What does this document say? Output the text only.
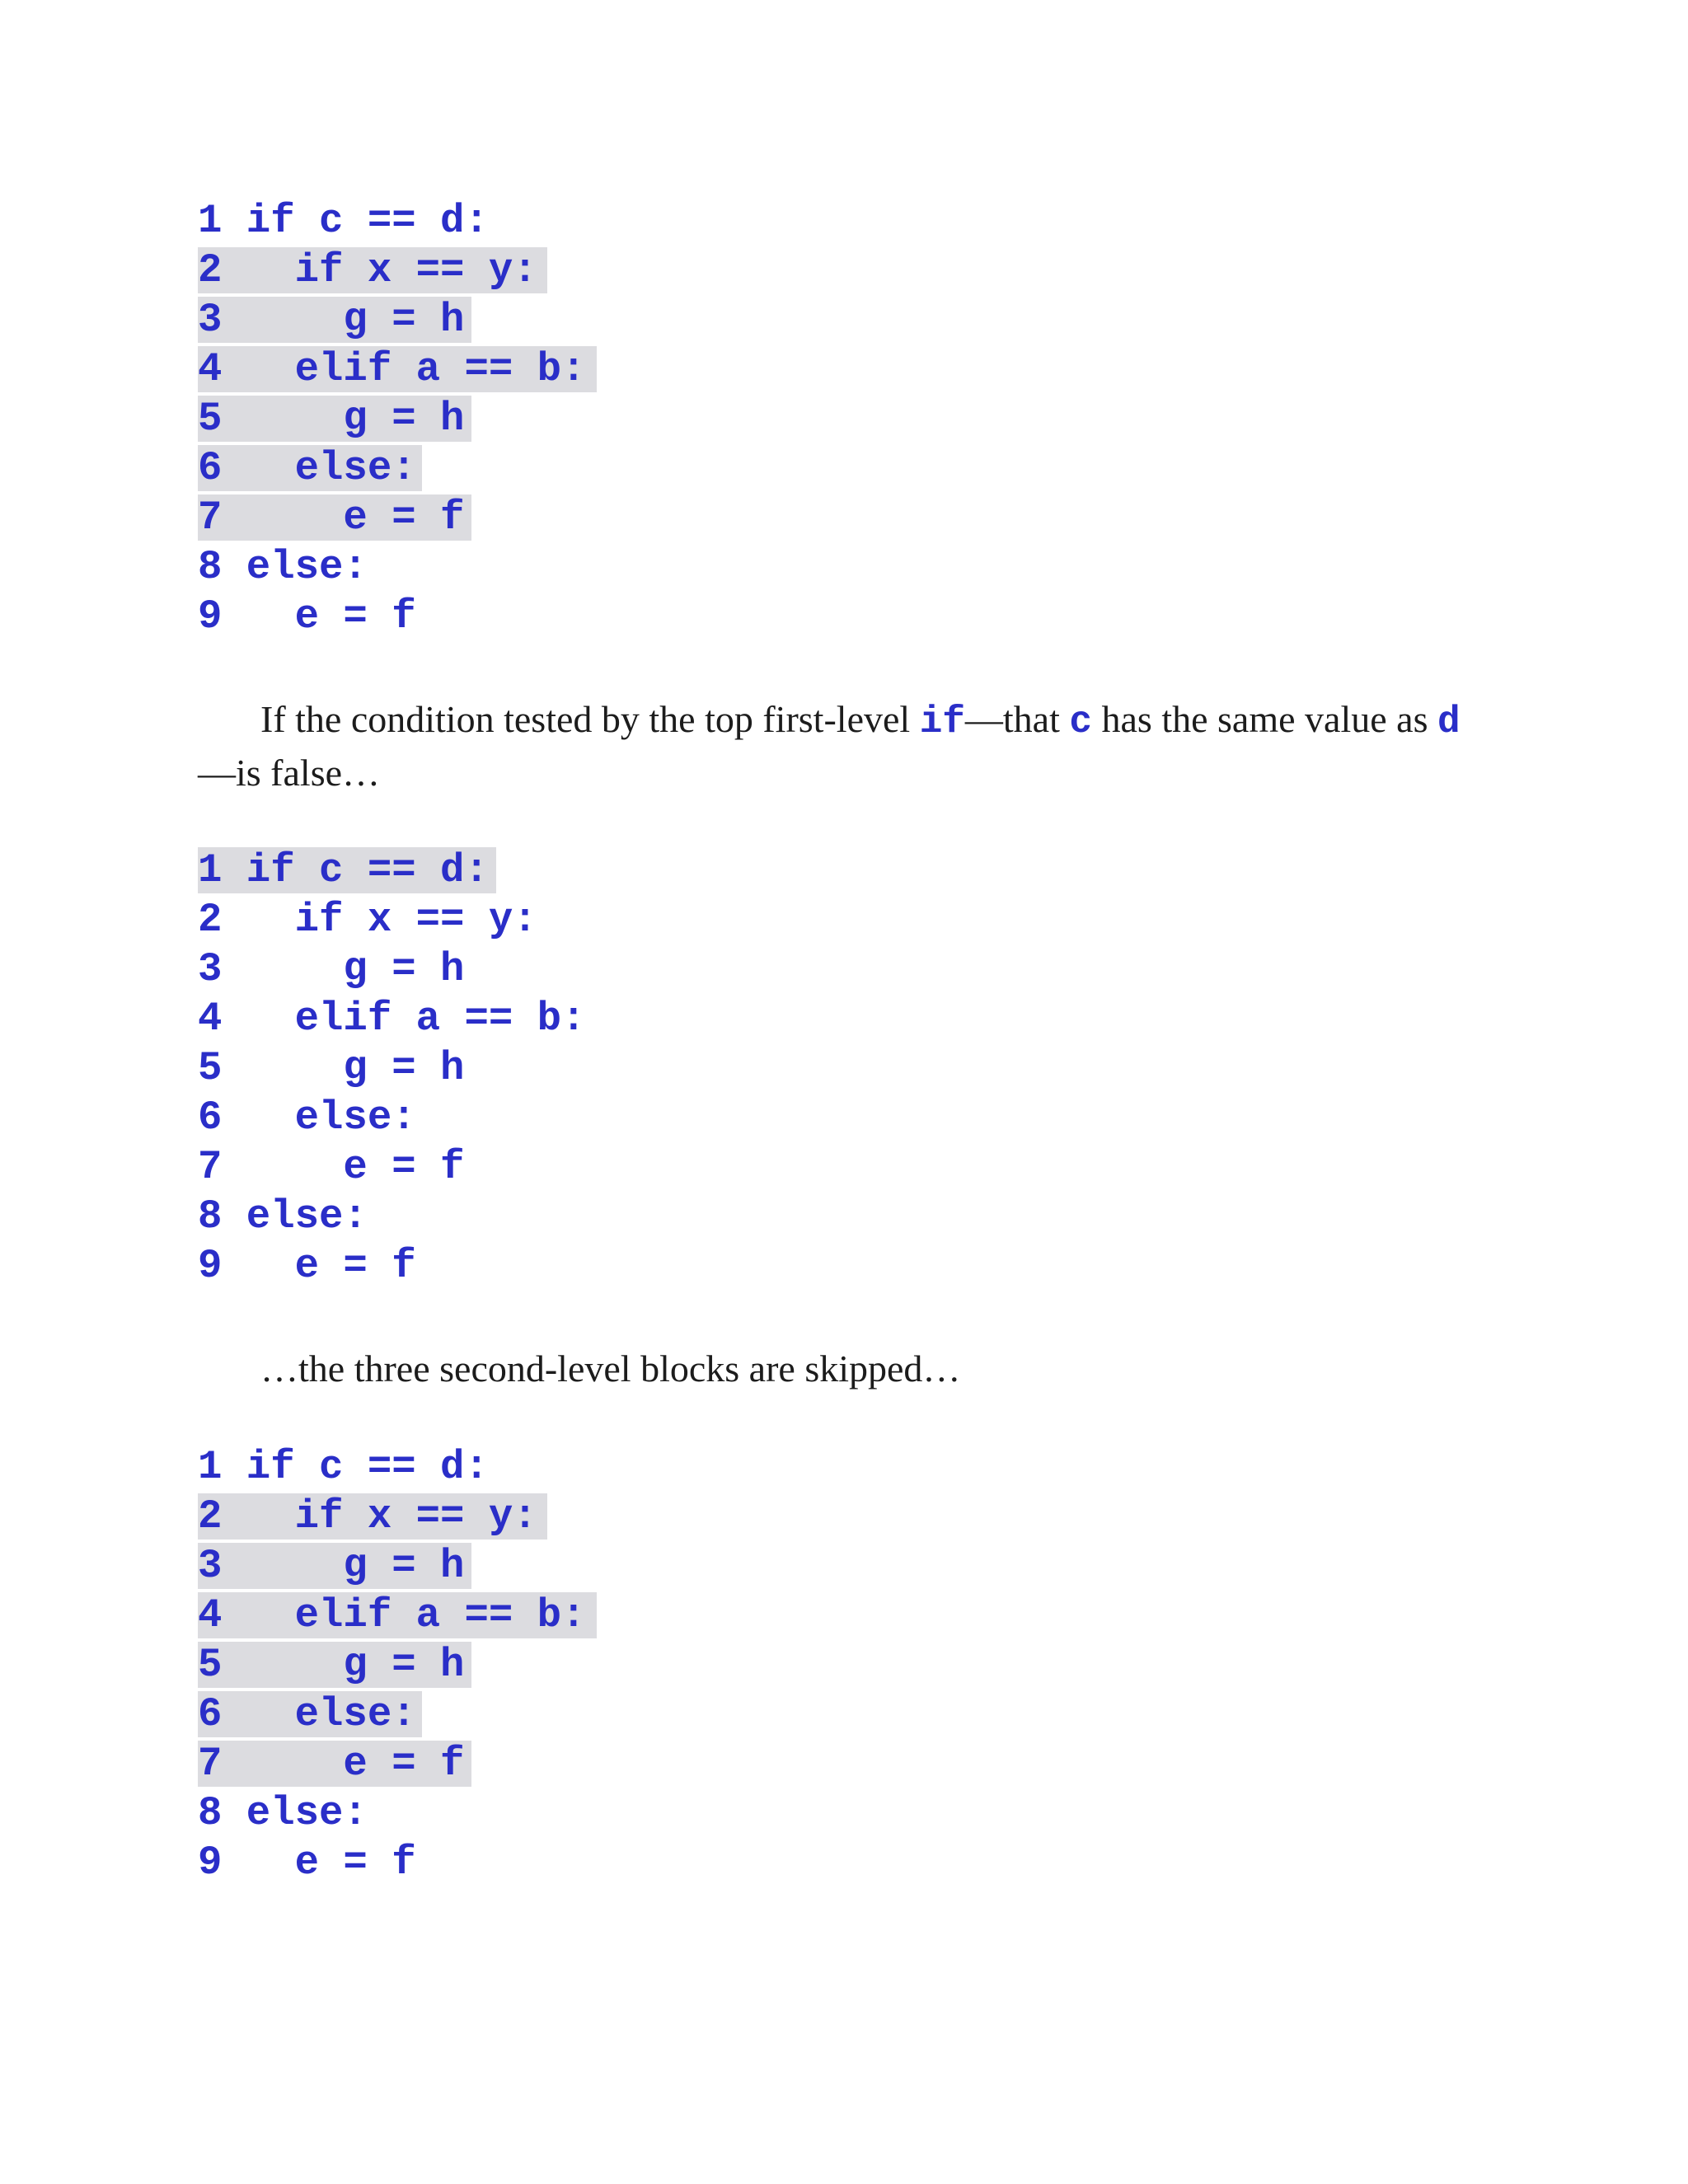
1 if c == d:
2   if x == y:
3     g = h
4   elif a == b:
5     g = h
6   else:
7     e = f
8 else:
9   e = f
If the condition tested by the top first-level if—that c has the same value as d—is false…
1 if c == d:
2   if x == y:
3     g = h
4   elif a == b:
5     g = h
6   else:
7     e = f
8 else:
9   e = f
…the three second-level blocks are skipped…
1 if c == d:
2   if x == y:
3     g = h
4   elif a == b:
5     g = h
6   else:
7     e = f
8 else:
9   e = f
